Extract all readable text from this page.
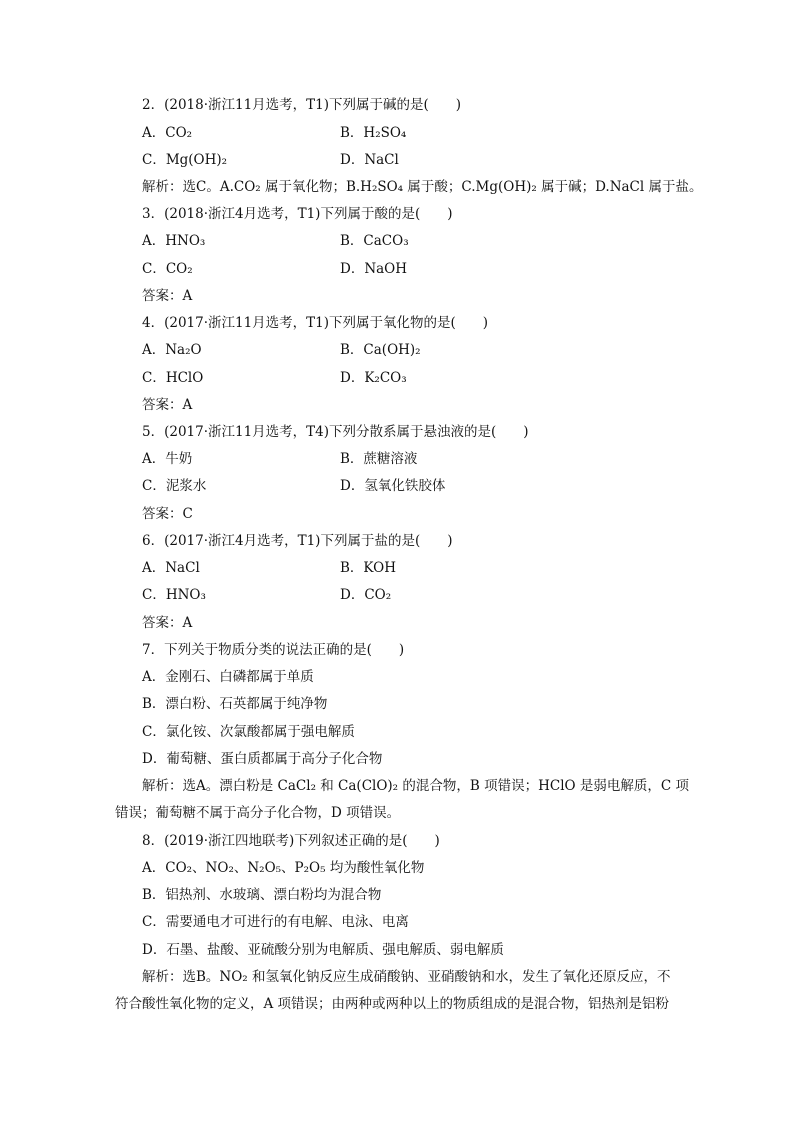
2．(2018·浙江11月选考，T1)下列属于碱的是(　　)
A．CO₂	B．H₂SO₄
C．Mg(OH)₂	D．NaCl
解析：选C。A.CO₂ 属于氧化物；B.H₂SO₄ 属于酸；C.Mg(OH)₂ 属于碱；D.NaCl 属于盐。
3．(2018·浙江4月选考，T1)下列属于酸的是(　　)
A．HNO₃	B．CaCO₃
C．CO₂	D．NaOH
答案：A
4．(2017·浙江11月选考，T1)下列属于氧化物的是(　　)
A．Na₂O	B．Ca(OH)₂
C．HClO	D．K₂CO₃
答案：A
5．(2017·浙江11月选考，T4)下列分散系属于悬浊液的是(　　)
A．牛奶	B．蔗糖溶液
C．泥浆水	D．氢氧化铁胶体
答案：C
6．(2017·浙江4月选考，T1)下列属于盐的是(　　)
A．NaCl	B．KOH
C．HNO₃	D．CO₂
答案：A
7．下列关于物质分类的说法正确的是(　　)
A．金刚石、白磷都属于单质
B．漂白粉、石英都属于纯净物
C．氯化铵、次氯酸都属于强电解质
D．葡萄糖、蛋白质都属于高分子化合物
解析：选A。漂白粉是 CaCl₂ 和 Ca(ClO)₂ 的混合物，B 项错误；HClO 是弱电解质，C 项
错误；葡萄糖不属于高分子化合物，D 项错误。
8．(2019·浙江四地联考)下列叙述正确的是(　　)
A．CO₂、NO₂、N₂O₅、P₂O₅ 均为酸性氧化物
B．铝热剂、水玻璃、漂白粉均为混合物
C．需要通电才可进行的有电解、电泳、电离
D．石墨、盐酸、亚硫酸分别为电解质、强电解质、弱电解质
解析：选B。NO₂ 和氢氧化钠反应生成硝酸钠、亚硝酸钠和水，发生了氧化还原反应，不
符合酸性氧化物的定义，A 项错误；由两种或两种以上的物质组成的是混合物，铝热剂是铝粉
